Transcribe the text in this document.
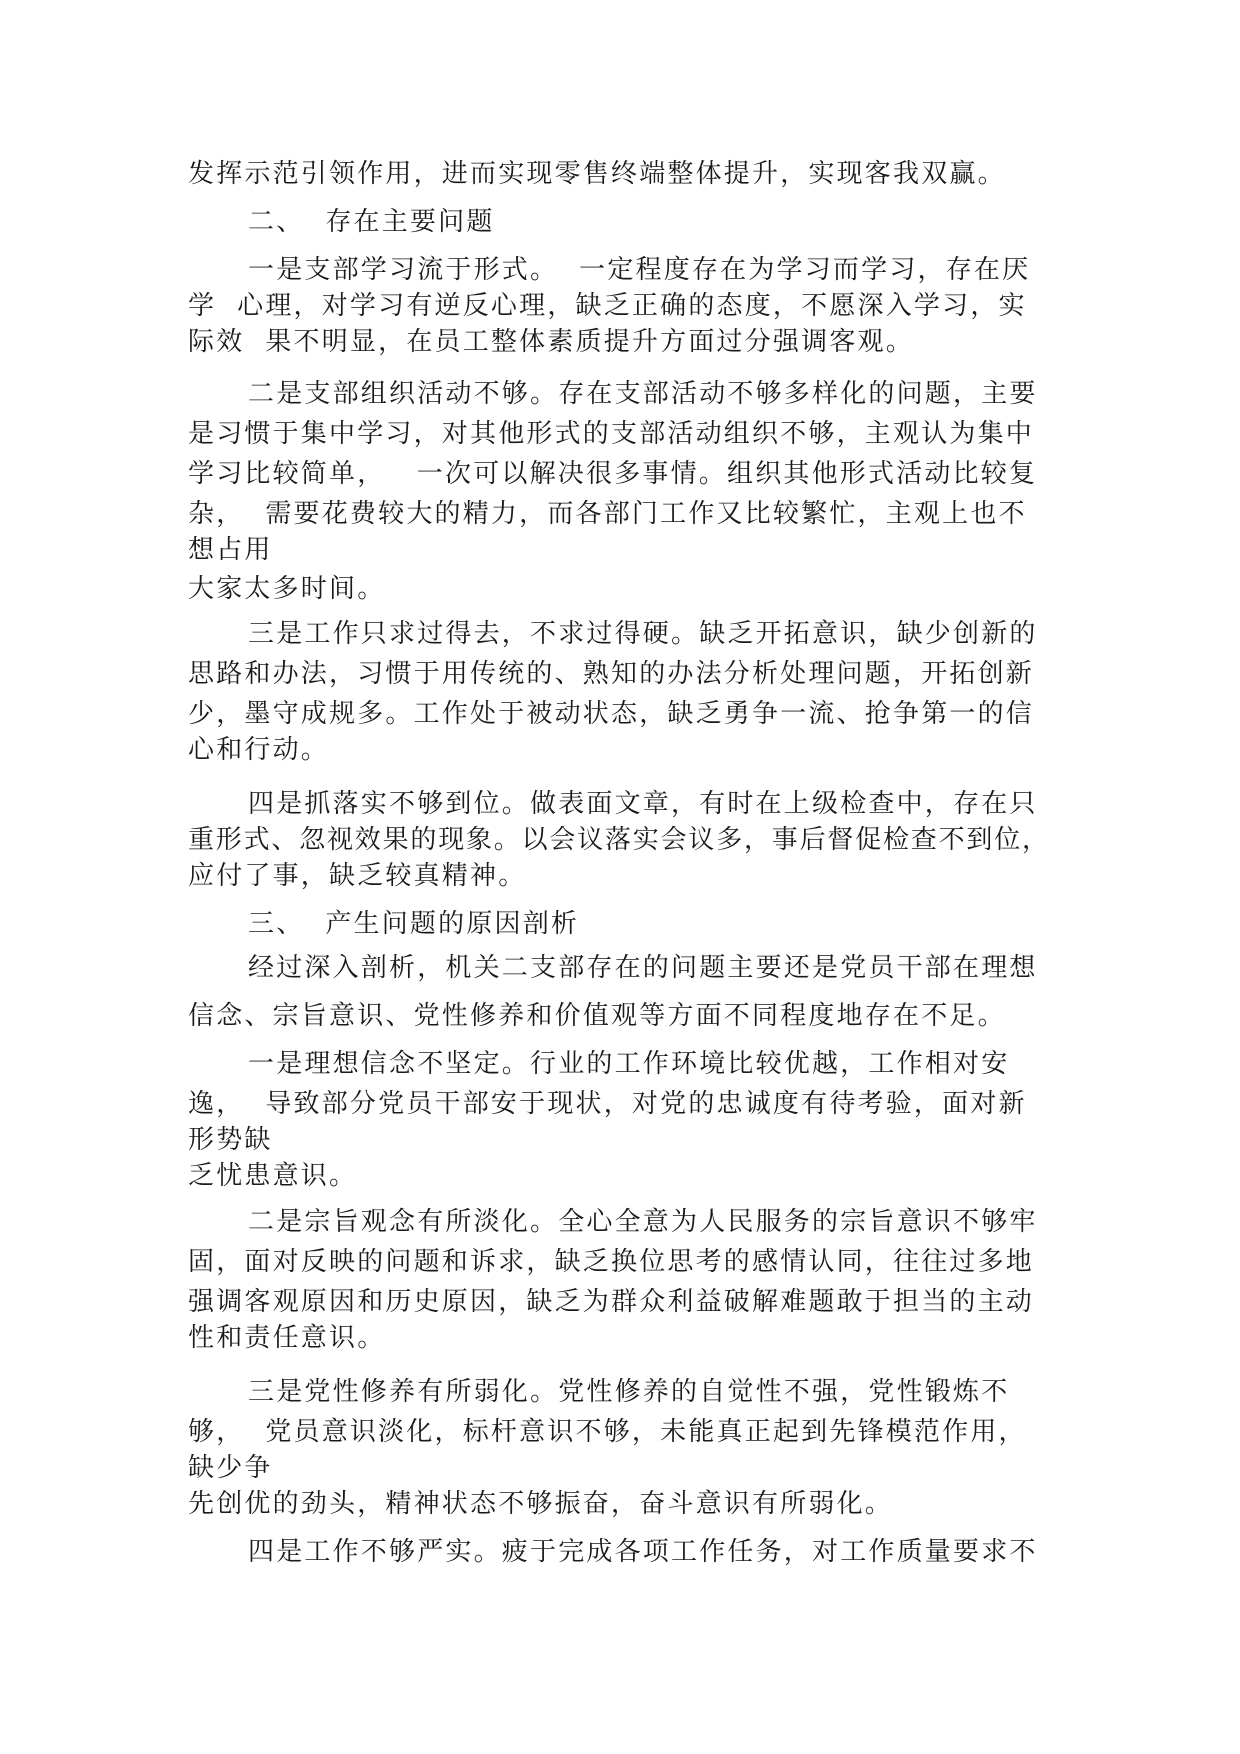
发挥示范引领作用，进而实现零售终端整体提升，实现客我双赢。

二、  存在主要问题

一是支部学习流于形式。  一定程度存在为学习而学习，存在厌

学  心理，对学习有逆反心理，缺乏正确的态度，不愿深入学习，实

际效  果不明显，在员工整体素质提升方面过分强调客观。

二是支部组织活动不够。存在支部活动不够多样化的问题，主要

是习惯于集中学习，对其他形式的支部活动组织不够，主观认为集中

学习比较简单，   一次可以解决很多事情。组织其他形式活动比较复

杂，  需要花费较大的精力，而各部门工作又比较繁忙，主观上也不

想占用

大家太多时间。

三是工作只求过得去，不求过得硬。缺乏开拓意识，缺少创新的

思路和办法，习惯于用传统的、熟知的办法分析处理问题，开拓创新

少，墨守成规多。工作处于被动状态，缺乏勇争一流、抢争第一的信

心和行动。

四是抓落实不够到位。做表面文章，有时在上级检查中，存在只

重形式、忽视效果的现象。以会议落实会议多，事后督促检查不到位，

应付了事，缺乏较真精神。

三、  产生问题的原因剖析

经过深入剖析，机关二支部存在的问题主要还是党员干部在理想

信念、宗旨意识、党性修养和价值观等方面不同程度地存在不足。

一是理想信念不坚定。行业的工作环境比较优越，工作相对安

逸，  导致部分党员干部安于现状，对党的忠诚度有待考验，面对新

形势缺

乏忧患意识。

二是宗旨观念有所淡化。全心全意为人民服务的宗旨意识不够牢

固，面对反映的问题和诉求，缺乏换位思考的感情认同，往往过多地

强调客观原因和历史原因，缺乏为群众利益破解难题敢于担当的主动

性和责任意识。

三是党性修养有所弱化。党性修养的自觉性不强，党性锻炼不

够，  党员意识淡化，标杆意识不够，未能真正起到先锋模范作用，

缺少争

先创优的劲头，精神状态不够振奋，奋斗意识有所弱化。

四是工作不够严实。疲于完成各项工作任务，对工作质量要求不
